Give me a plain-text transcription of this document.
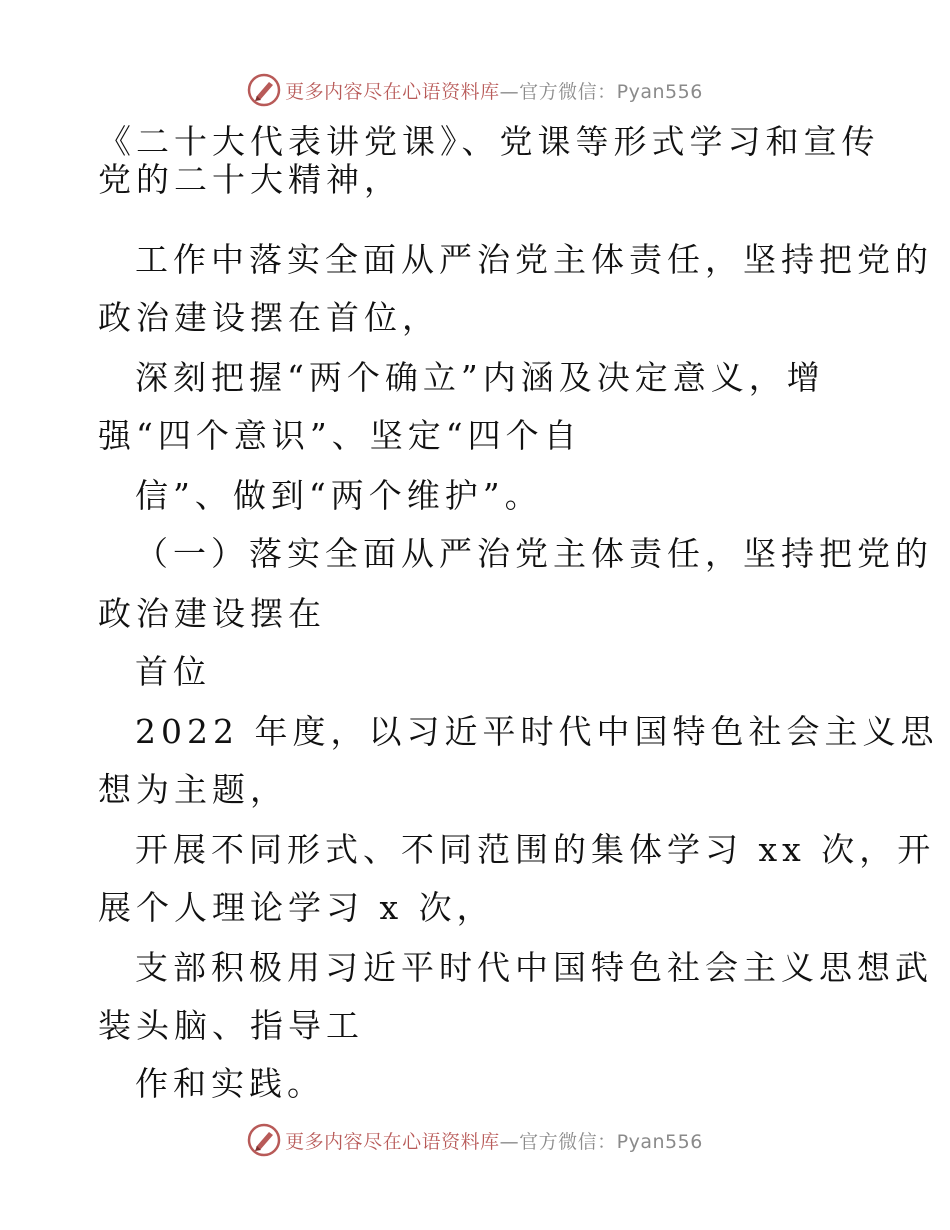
更多内容尽在心语资料库—官方微信：Pyan556
《二十大代表讲党课》、党课等形式学习和宣传
党的二十大精神，
工作中落实全面从严治党主体责任，坚持把党的
政治建设摆在首位，
深刻把握“两个确立”内涵及决定意义，增
强“四个意识”、坚定“四个自
信”、做到“两个维护”。
（一）落实全面从严治党主体责任，坚持把党的
政治建设摆在
首位
2022 年度，以习近平时代中国特色社会主义思
想为主题，
开展不同形式、不同范围的集体学习 xx 次，开
展个人理论学习 x 次，
支部积极用习近平时代中国特色社会主义思想武
装头脑、指导工
作和实践。
更多内容尽在心语资料库—官方微信：Pyan556
